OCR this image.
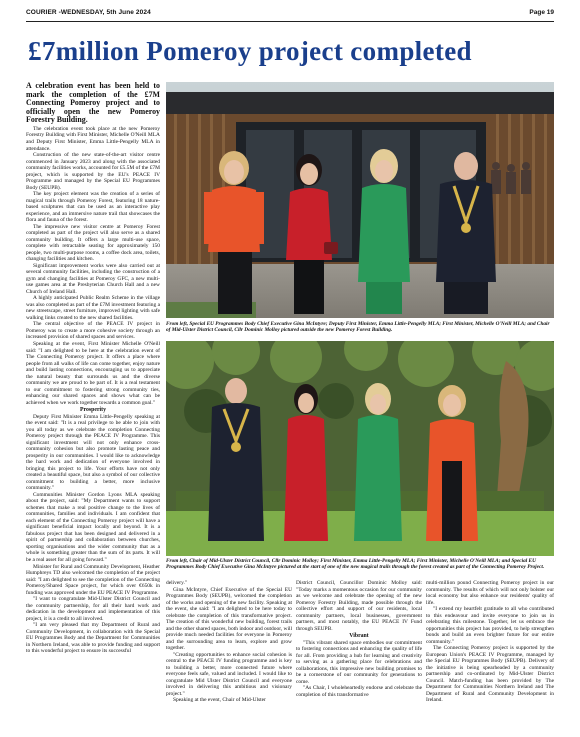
COURIER -WEDNESDAY, 5th June 2024	Page 19
£7million Pomeroy project completed

A celebration event has been held to mark the completion of the £7M Connecting Pomeroy project and to officially open the new Pomeroy Forestry Building.

The celebration event took place at the new Pomeroy Forestry Building with First Minister, Michelle O'Neill MLA and Deputy First Minister, Emma Little-Pengelly MLA in attendance.

Construction of the new state-of-the-art visitor centre commenced in January 2023 and along with the associated community facilities works, accounted for £5.5M of the £7M project, which is supported by the EU's PEACE IV Programme and managed by the Special EU Programmes Body (SEUPB).

The key project element was the creation of a series of magical trails through Pomeroy Forest, featuring 18 nature-based sculptures that can be used as an interactive play experience, and an immersive nature trail that showcases the flora and fauna of the forest.

The impressive new visitor centre at Pomeroy Forest completed as part of the project will also serve as a shared community building. It offers a large multi-use space, complete with retractable seating for approximately 150 people, two multi-purpose rooms, a coffee dock area, toilets, changing facilities and kitchen.

Significant improvement works were also carried out at several community facilities, including the construction of a gym and changing facilities at Pomeroy GFC, a new multi-use games area at the Presbyterian Church Hall and a new Church of Ireland Hall.

A highly anticipated Public Realm Scheme in the village was also completed as part of the £7M investment featuring a new streetscape, street furniture, improved lighting with safe walking links created to the new shared facilities.

The central objective of the PEACE IV project in Pomeroy was to create a more cohesive society through an increased provision of shared spaces and services.

Speaking at the event, First Minister Michelle O'Neill said: "I am delighted to be here at the celebration event of The Connecting Pomeroy project. It offers a place where people from all walks of life can come together, enjoy nature and build lasting connections, encouraging us to appreciate the natural beauty that surrounds us and the diverse community we are proud to be part of. It is a real testament to our commitment to fostering strong community ties, enhancing our shared spaces and shows what can be achieved when we work together towards a common goal."

Prosperity

Deputy First Minister Emma Little-Pengelly speaking at the event said: "It is a real privilege to be able to join with you all today as we celebrate the completion Connecting Pomeroy project through the PEACE IV Programme. This significant investment will not only enhance cross-community cohesion but also promote lasting peace and prosperity in our communities. I would like to acknowledge the hard work and dedication of everyone involved in bringing this project to life. Your efforts have not only created a beautiful space, but also a symbol of our collective commitment to building a better, more inclusive community."

Communities Minister Gordon Lyons MLA speaking about the project, said: "My Department wants to support schemes that make a real positive change to the lives of communities, families and individuals. I am confident that each element of the Connecting Pomeroy project will have a significant beneficial impact locally and beyond. It is a fabulous project that has been designed and delivered in a spirit of partnership and collaboration between churches, sporting organisations and the wider community that as a whole is something greater than the sum of its parts. It will be a real asset for all going forward."

Minister for Rural and Community Development, Heather Humphreys TD also welcomed the completion of the project said: "I am delighted to see the completion of the Connecting Pomeroy/Shared Space project, for which over €650k in funding was approved under the EU PEACE IV Programme.

"I want to congratulate Mid-Ulster District Council and the community partnership, for all their hard work and dedication in the development and implementation of this project, it is a credit to all involved.

"I am very pleased that my Department of Rural and Community Development, in collaboration with the Special EU Programmes Body and the Department for Communities in Northern Ireland, was able to provide funding and support to this wonderful project to ensure its successful

From left, Special EU Programmes Body Chief Executive Gina McIntyre; Deputy First Minister, Emma Little-Pengelly MLA; First Minister, Michelle O'Neill MLA; and Chair of Mid-Ulster District Council, Cllr Dominic Molloy pictured outside the new Pomeroy Forest Building.
From left, Chair of Mid-Ulster District Council, Cllr Dominic Molloy; First Minister, Emma Little-Pengelly MLA; First Minister, Michelle O'Neill MLA; and Special EU Programmes Body Chief Executive Gina McIntyre pictured at the start of one of the new magical trails through the forest created as part of the Connecting Pomeroy Project.

delivery."

Gina McIntyre, Chief Executive of the Special EU Programmes Body (SEUPB), welcomed the completion of the works and opening of the new facility. Speaking at the event, she said: "I am delighted to be here today to celebrate the completion of this transformative project. The creation of this wonderful new building, forest trails and the other shared spaces, both indoor and outdoor, will provide much needed facilities for everyone in Pomeroy and the surrounding area to learn, explore and grow together.

"Creating opportunities to enhance social cohesion is central to the PEACE IV funding programme and is key to building a better, more connected future where everyone feels safe, valued and included. I would like to congratulate Mid Ulster District Council and everyone involved in delivering this ambitious and visionary project."

Speaking at the event, Chair of Mid-Ulster

District Council, Councillor Dominic Molloy said: "Today marks a momentous occasion for our community as we welcome and celebrate the opening of the new Pomeroy Forestry Building, made possible through the collective effort and support of our residents, local community partners, local businesses, government partners, and most notably, the EU PEACE IV Fund through SEUPB.

Vibrant

"This vibrant shared space embodies our commitment to fostering connections and enhancing the quality of life for all. From providing a hub for learning and creativity to serving as a gathering place for celebrations and collaborations, this impressive new building promises to be a cornerstone of our community for generations to come.

"As Chair, I wholeheartedly endorse and celebrate the completion of this transformative

multi-million pound Connecting Pomeroy project in our community. The results of which will not only bolster our local economy but also enhance our residents' quality of life.

"I extend my heartfelt gratitude to all who contributed to this endeavour and invite everyone to join us in celebrating this milestone. Together, let us embrace the opportunities this project has provided, to help strengthen bonds and build an even brighter future for our entire community."

The Connecting Pomeroy project is supported by the European Union's PEACE IV Programme, managed by the Special EU Programmes Body (SEUPB). Delivery of the initiative is being spearheaded by a community partnership and co-ordinated by Mid-Ulster District Council. Match-funding has been provided by The Department for Communities Northern Ireland and The Department of Rural and Community Development in Ireland.
